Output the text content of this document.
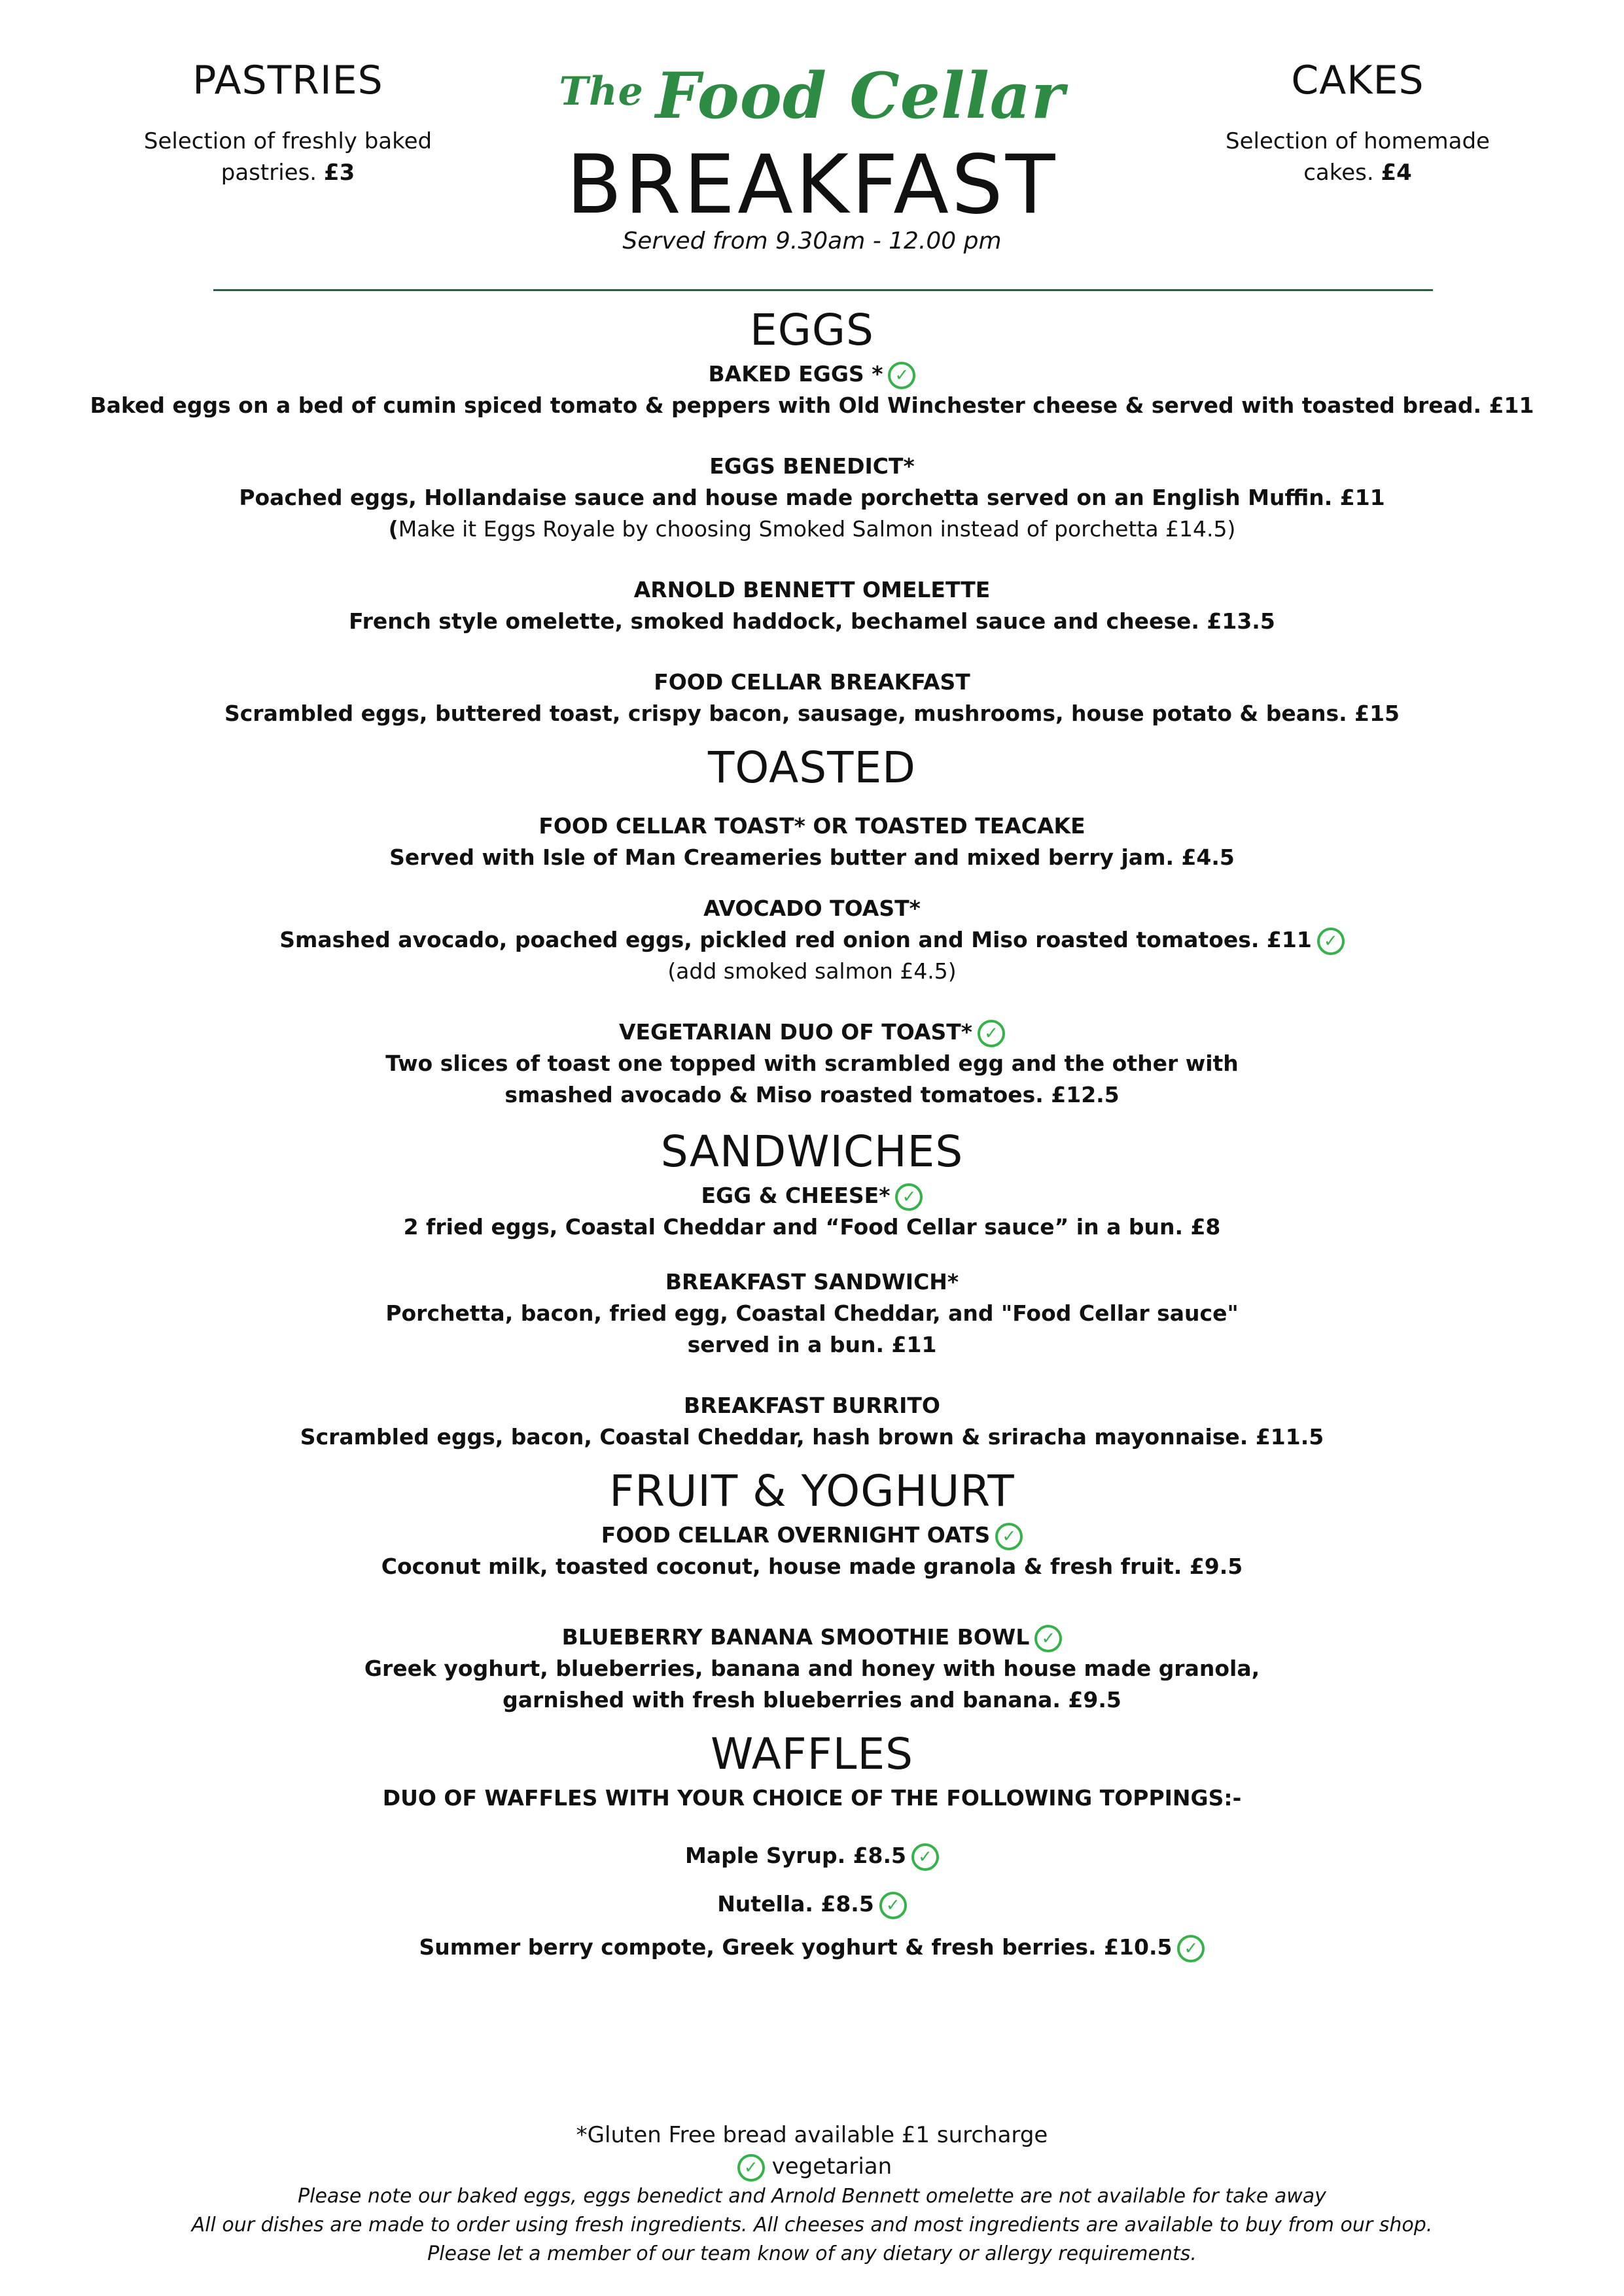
PASTRIES

Selection of freshly baked
pastries. £3

CAKES

Selection of homemade
cakes. £4

$^{The}$ Food Cellar
BREAKFAST
Served from 9.30am - 12.00 pm
EGGS
BAKED EGGS * ✓
Baked eggs on a bed of cumin spiced tomato & peppers with Old Winchester cheese & served with toasted bread. £11
EGGS BENEDICT*
Poached eggs, Hollandaise sauce and house made porchetta served on an English Muffin. £11
(Make it Eggs Royale by choosing Smoked Salmon instead of porchetta £14.5)
ARNOLD BENNETT OMELETTE
French style omelette, smoked haddock, bechamel sauce and cheese. £13.5
FOOD CELLAR BREAKFAST
Scrambled eggs, buttered toast, crispy bacon, sausage, mushrooms, house potato & beans. £15
TOASTED
FOOD CELLAR TOAST* OR TOASTED TEACAKE
Served with Isle of Man Creameries butter and mixed berry jam. £4.5
AVOCADO TOAST*
Smashed avocado, poached eggs, pickled red onion and Miso roasted tomatoes. £11 ✓
(add smoked salmon £4.5)
VEGETARIAN DUO OF TOAST* ✓
Two slices of toast one topped with scrambled egg and the other with
smashed avocado & Miso roasted tomatoes. £12.5
SANDWICHES
EGG & CHEESE* ✓
2 fried eggs, Coastal Cheddar and “Food Cellar sauce” in a bun. £8
BREAKFAST SANDWICH*
Porchetta, bacon, fried egg, Coastal Cheddar, and "Food Cellar sauce"
served in a bun. £11
BREAKFAST BURRITO
Scrambled eggs, bacon, Coastal Cheddar, hash brown & sriracha mayonnaise. £11.5
FRUIT & YOGHURT
FOOD CELLAR OVERNIGHT OATS ✓
Coconut milk, toasted coconut, house made granola & fresh fruit. £9.5
BLUEBERRY BANANA SMOOTHIE BOWL ✓
Greek yoghurt, blueberries, banana and honey with house made granola,
garnished with fresh blueberries and banana. £9.5
WAFFLES
DUO OF WAFFLES WITH YOUR CHOICE OF THE FOLLOWING TOPPINGS:-
Maple Syrup. £8.5 ✓
Nutella. £8.5 ✓
Summer berry compote, Greek yoghurt & fresh berries. £10.5 ✓
*Gluten Free bread available £1 surcharge
✓ vegetarian
Please note our baked eggs, eggs benedict and Arnold Bennett omelette are not available for take away
All our dishes are made to order using fresh ingredients. All cheeses and most ingredients are available to buy from our shop.
Please let a member of our team know of any dietary or allergy requirements.
